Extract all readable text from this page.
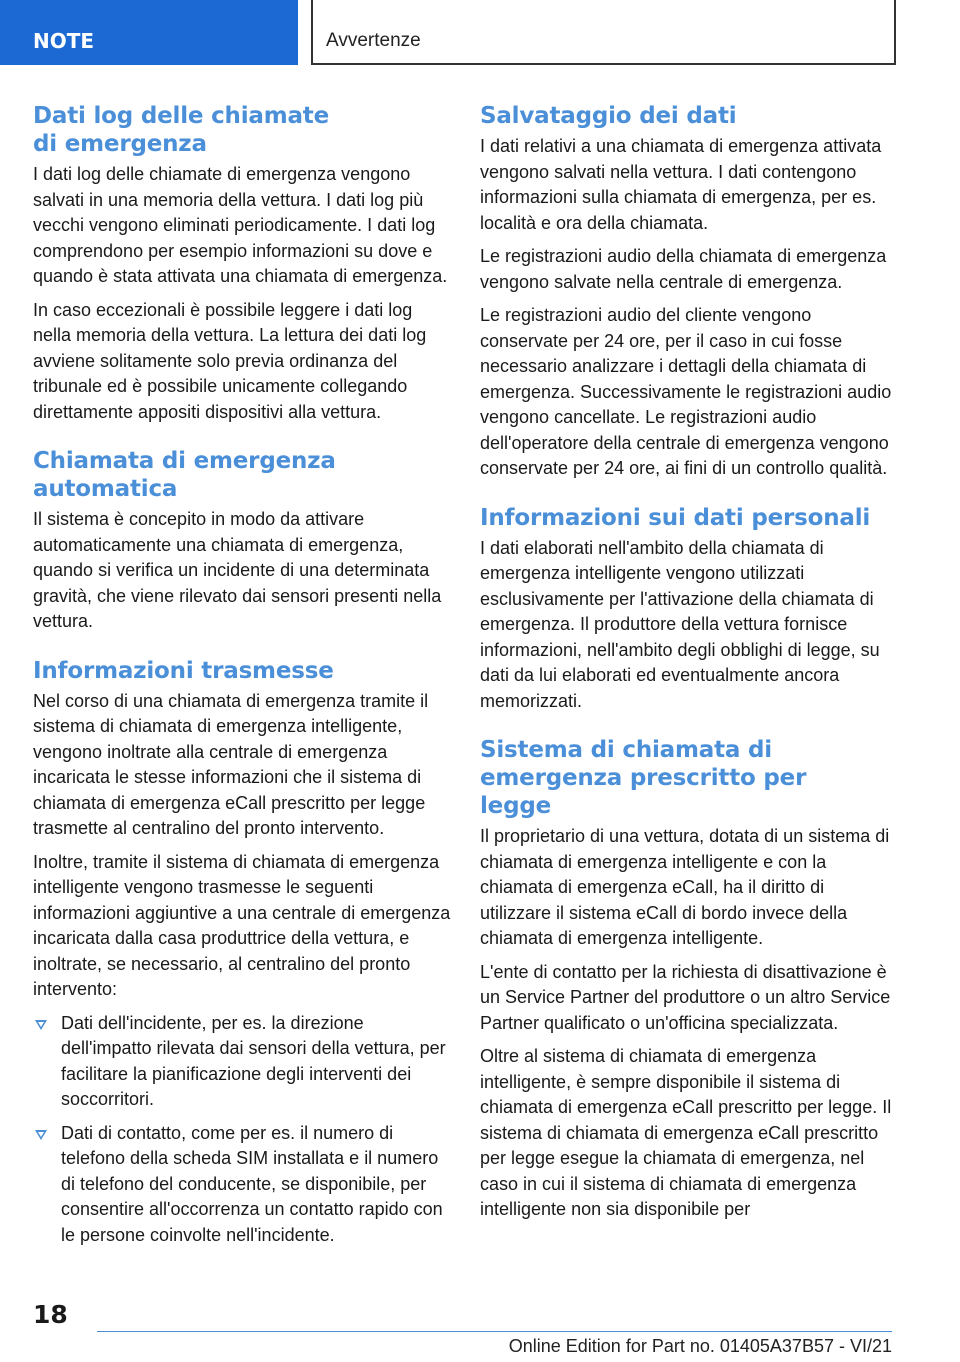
NOTE	Avvertenze
Dati log delle chiamate di emergenza

I dati log delle chiamate di emergenza vengono salvati in una memoria della vettura. I dati log più vecchi vengono eliminati periodicamente. I dati log comprendono per esempio informazioni su dove e quando è stata attivata una chiamata di emergenza.

In caso eccezionali è possibile leggere i dati log nella memoria della vettura. La lettura dei dati log avviene solitamente solo previa ordinanza del tribunale ed è possibile unicamente collegando direttamente appositi dispositivi alla vettura.

Chiamata di emergenza automatica

Il sistema è concepito in modo da attivare automaticamente una chiamata di emergenza, quando si verifica un incidente di una determinata gravità, che viene rilevato dai sensori presenti nella vettura.

Informazioni trasmesse

Nel corso di una chiamata di emergenza tramite il sistema di chiamata di emergenza intelligente, vengono inoltrate alla centrale di emergenza incaricata le stesse informazioni che il sistema di chiamata di emergenza eCall prescritto per legge trasmette al centralino del pronto intervento.

Inoltre, tramite il sistema di chiamata di emergenza intelligente vengono trasmesse le seguenti informazioni aggiuntive a una centrale di emergenza incaricata dalla casa produttrice della vettura, e inoltrate, se necessario, al centralino del pronto intervento:

Dati dell'incidente, per es. la direzione dell'impatto rilevata dai sensori della vettura, per facilitare la pianificazione degli interventi dei soccorritori.

Dati di contatto, come per es. il numero di telefono della scheda SIM installata e il numero di telefono del conducente, se disponibile, per consentire all'occorrenza un contatto rapido con le persone coinvolte nell'incidente.

Salvataggio dei dati

I dati relativi a una chiamata di emergenza attivata vengono salvati nella vettura. I dati contengono informazioni sulla chiamata di emergenza, per es. località e ora della chiamata.

Le registrazioni audio della chiamata di emergenza vengono salvate nella centrale di emergenza.

Le registrazioni audio del cliente vengono conservate per 24 ore, per il caso in cui fosse necessario analizzare i dettagli della chiamata di emergenza. Successivamente le registrazioni audio vengono cancellate. Le registrazioni audio dell'operatore della centrale di emergenza vengono conservate per 24 ore, ai fini di un controllo qualità.

Informazioni sui dati personali

I dati elaborati nell'ambito della chiamata di emergenza intelligente vengono utilizzati esclusivamente per l'attivazione della chiamata di emergenza. Il produttore della vettura fornisce informazioni, nell'ambito degli obblighi di legge, su dati da lui elaborati ed eventualmente ancora memorizzati.

Sistema di chiamata di emergenza prescritto per legge

Il proprietario di una vettura, dotata di un sistema di chiamata di emergenza intelligente e con la chiamata di emergenza eCall, ha il diritto di utilizzare il sistema eCall di bordo invece della chiamata di emergenza intelligente.

L'ente di contatto per la richiesta di disattivazione è un Service Partner del produttore o un altro Service Partner qualificato o un'officina specializzata.

Oltre al sistema di chiamata di emergenza intelligente, è sempre disponibile il sistema di chiamata di emergenza eCall prescritto per legge. Il sistema di chiamata di emergenza eCall prescritto per legge esegue la chiamata di emergenza, nel caso in cui il sistema di chiamata di emergenza intelligente non sia disponibile per

18
Online Edition for Part no. 01405A37B57 - VI/21
